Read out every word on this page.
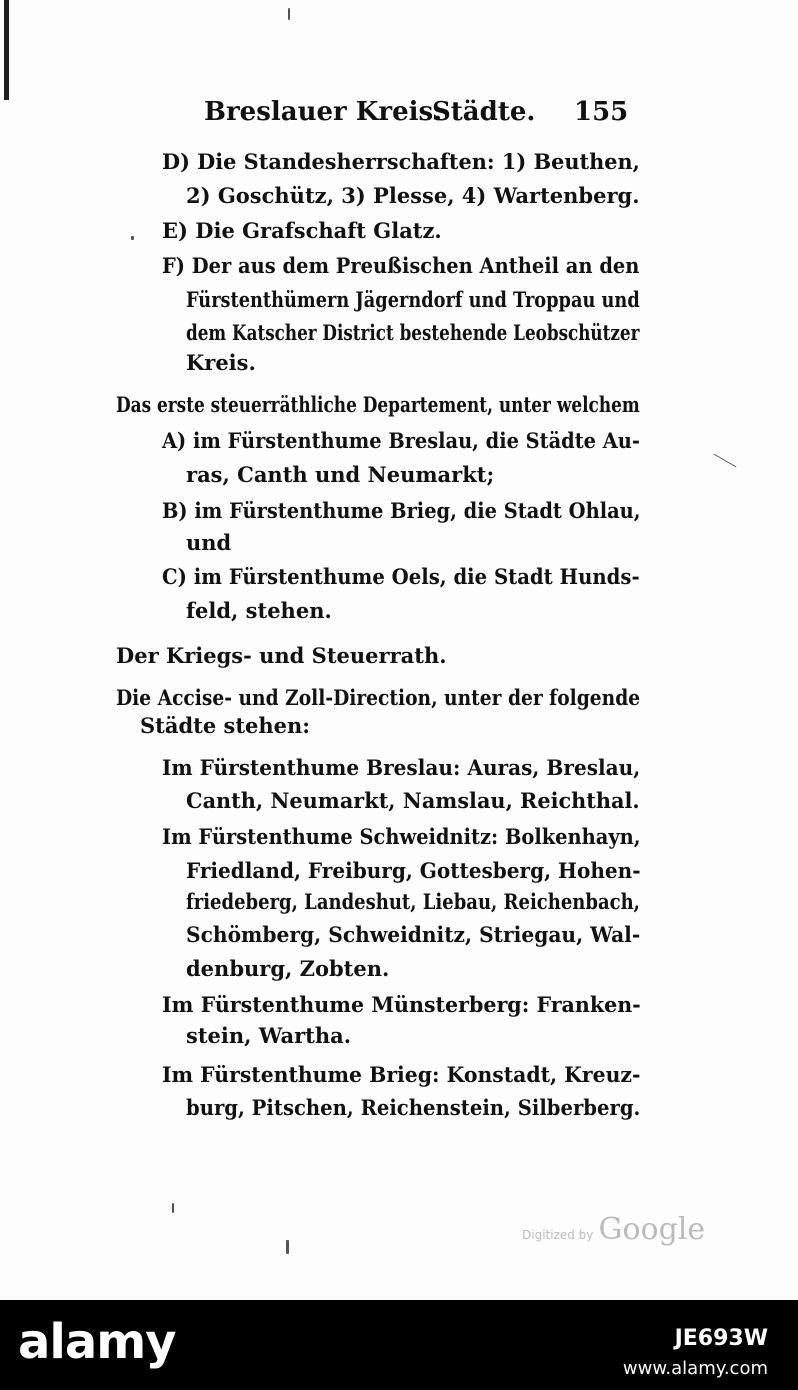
Breslauer Kreis.
Städte. 155
D) Die Standesherrschaften: 1) Beuthen,
2) Goschütz, 3) Plesse, 4) Wartenberg.
E) Die Grafschaft Glatz.
F) Der aus dem Preußischen Antheil an den
Fürstenthümern Jägerndorf und Troppau und
dem Katscher District bestehende Leobschützer
Kreis.
Das erste steuerräthliche Departement, unter welchem
A) im Fürstenthume Breslau, die Städte Au-
ras, Canth und Neumarkt;
B) im Fürstenthume Brieg, die Stadt Ohlau,
und
C) im Fürstenthume Oels, die Stadt Hunds-
feld, stehen.
Der Kriegs- und Steuerrath.
Die Accise- und Zoll-Direction, unter der folgende
Städte stehen:
Im Fürstenthume Breslau: Auras, Breslau,
Canth, Neumarkt, Namslau, Reichthal.
Im Fürstenthume Schweidnitz: Bolkenhayn,
Friedland, Freiburg, Gottesberg, Hohen-
friedeberg, Landeshut, Liebau, Reichenbach,
Schömberg, Schweidnitz, Striegau, Wal-
denburg, Zobten.
Im Fürstenthume Münsterberg: Franken-
stein, Wartha.
Im Fürstenthume Brieg: Konstadt, Kreuz-
burg, Pitschen, Reichenstein, Silberberg.
Digitized by Google
alamy	JE693W
www.alamy.com
